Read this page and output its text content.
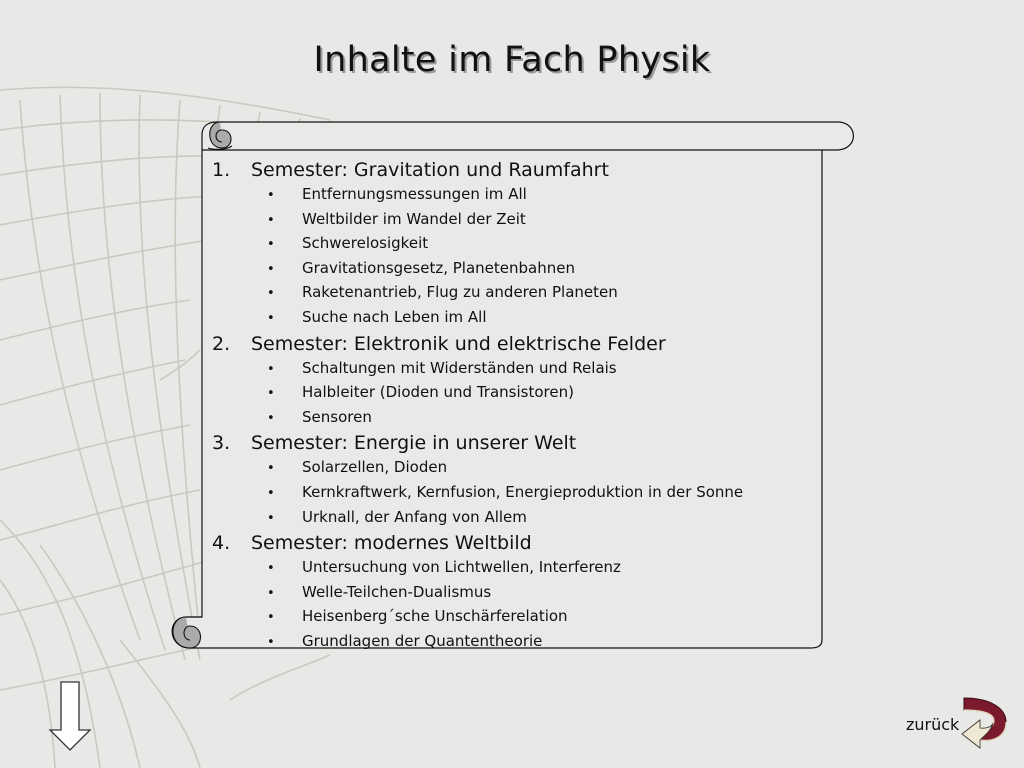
Inhalte im Fach Physik
1.	Semester: Gravitation und Raumfahrt
•	Entfernungsmessungen im All
•	Weltbilder im Wandel der Zeit
•	Schwerelosigkeit
•	Gravitationsgesetz, Planetenbahnen
•	Raketenantrieb, Flug zu anderen Planeten
•	Suche nach Leben im All
2.	Semester: Elektronik und elektrische Felder
•	Schaltungen mit Widerständen und Relais
•	Halbleiter (Dioden und Transistoren)
•	Sensoren
3.	Semester: Energie in unserer Welt
•	Solarzellen, Dioden
•	Kernkraftwerk, Kernfusion, Energieproduktion in der Sonne
•	Urknall, der Anfang von Allem
4.	Semester: modernes Weltbild
•	Untersuchung von Lichtwellen, Interferenz
•	Welle-Teilchen-Dualismus
•	Heisenberg´sche Unschärferelation
•	Grundlagen der Quantentheorie
zurück
